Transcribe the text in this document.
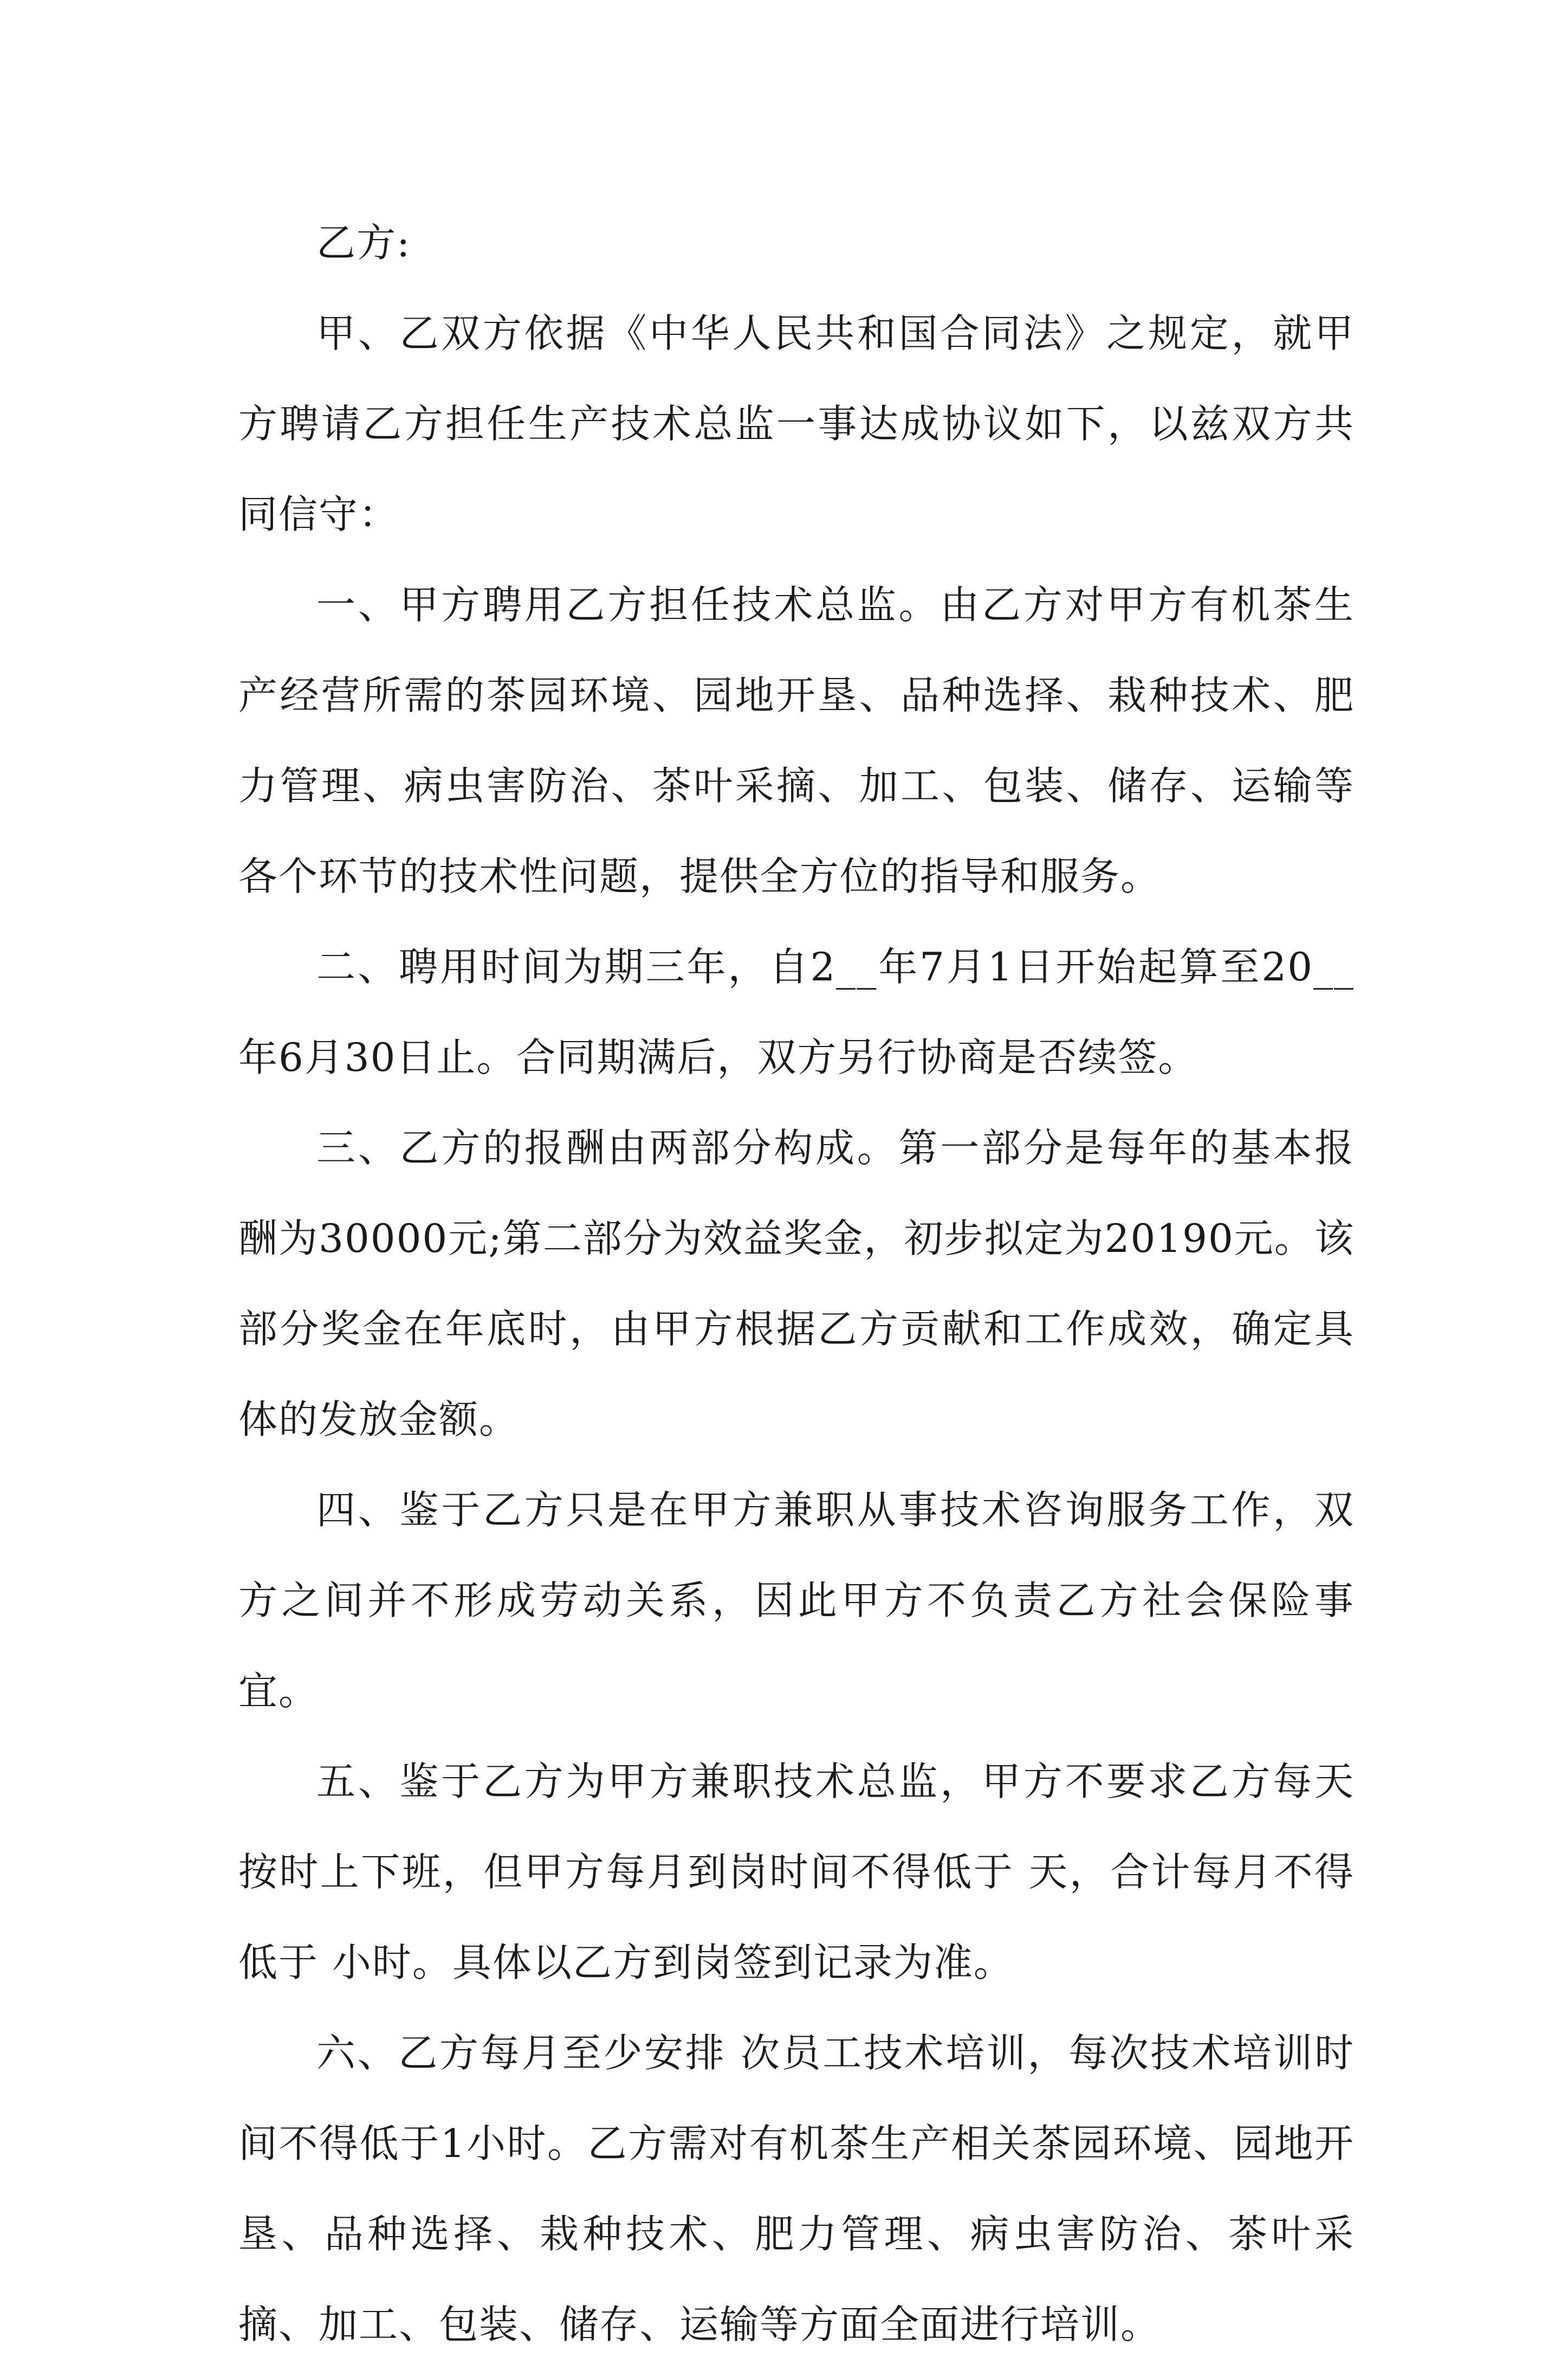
乙方:

甲、乙双方依据《中华人民共和国合同法》之规定，就甲方聘请乙方担任生产技术总监一事达成协议如下，以兹双方共同信守：

一、甲方聘用乙方担任技术总监。由乙方对甲方有机茶生产经营所需的茶园环境、园地开垦、品种选择、栽种技术、肥力管理、病虫害防治、茶叶采摘、加工、包装、储存、运输等各个环节的技术性问题，提供全方位的指导和服务。

二、聘用时间为期三年，自2__年7月1日开始起算至20__年6月30日止。合同期满后，双方另行协商是否续签。

三、乙方的报酬由两部分构成。第一部分是每年的基本报酬为30000元;第二部分为效益奖金，初步拟定为20190元。该部分奖金在年底时，由甲方根据乙方贡献和工作成效，确定具体的发放金额。

四、鉴于乙方只是在甲方兼职从事技术咨询服务工作，双方之间并不形成劳动关系，因此甲方不负责乙方社会保险事宜。

五、鉴于乙方为甲方兼职技术总监，甲方不要求乙方每天按时上下班，但甲方每月到岗时间不得低于 天，合计每月不得低于 小时。具体以乙方到岗签到记录为准。

六、乙方每月至少安排 次员工技术培训，每次技术培训时间不得低于1小时。乙方需对有机茶生产相关茶园环境、园地开垦、品种选择、栽种技术、肥力管理、病虫害防治、茶叶采摘、加工、包装、储存、运输等方面全面进行培训。
